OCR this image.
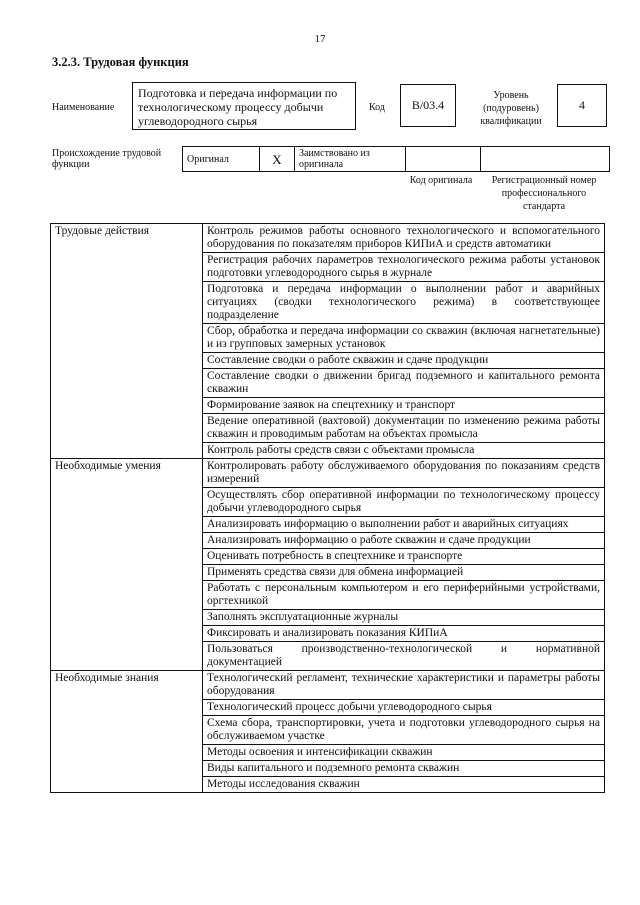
17
3.2.3. Трудовая функция
Наименование
Подготовка и передача информации по технологическому процессу добычи углеводородного сырья
Код	B/03.4
Уровень (подуровень) квалификации
4
Происхождение трудовой функции	Оригинал	X	Заимствовано из оригинала		
Код оригинала	Регистрационный номер профессионального стандарта
Трудовые действия	Контроль режимов работы основного технологического и вспомогательного оборудования по показателям приборов КИПиА и средств автоматики
	Регистрация рабочих параметров технологического режима работы установок подготовки углеводородного сырья в журнале
	Подготовка и передача информации о выполнении работ и аварийных ситуациях (сводки технологического режима) в соответствующее подразделение
	Сбор, обработка и передача информации со скважин (включая нагнетательные) и из групповых замерных установок
	Составление сводки о работе скважин и сдаче продукции
	Составление сводки о движении бригад подземного и капитального ремонта скважин
	Формирование заявок на спецтехнику и транспорт
	Ведение оперативной (вахтовой) документации по изменению режима работы скважин и проводимым работам на объектах промысла
	Контроль работы средств связи с объектами промысла
Необходимые умения	Контролировать работу обслуживаемого оборудования по показаниям средств измерений
	Осуществлять сбор оперативной информации по технологическому процессу добычи углеводородного сырья
	Анализировать информацию о выполнении работ и аварийных ситуациях
	Анализировать информацию о работе скважин и сдаче продукции
	Оценивать потребность в спецтехнике и транспорте
	Применять средства связи для обмена информацией
	Работать с персональным компьютером и его периферийными устройствами, оргтехникой
	Заполнять эксплуатационные журналы
	Фиксировать и анализировать показания КИПиА
	Пользоваться производственно-технологической и нормативной документацией
Необходимые знания	Технологический регламент, технические характеристики и параметры работы оборудования
	Технологический процесс добычи углеводородного сырья
	Схема сбора, транспортировки, учета и подготовки углеводородного сырья на обслуживаемом участке
	Методы освоения и интенсификации скважин
	Виды капитального и подземного ремонта скважин
	Методы исследования скважин
